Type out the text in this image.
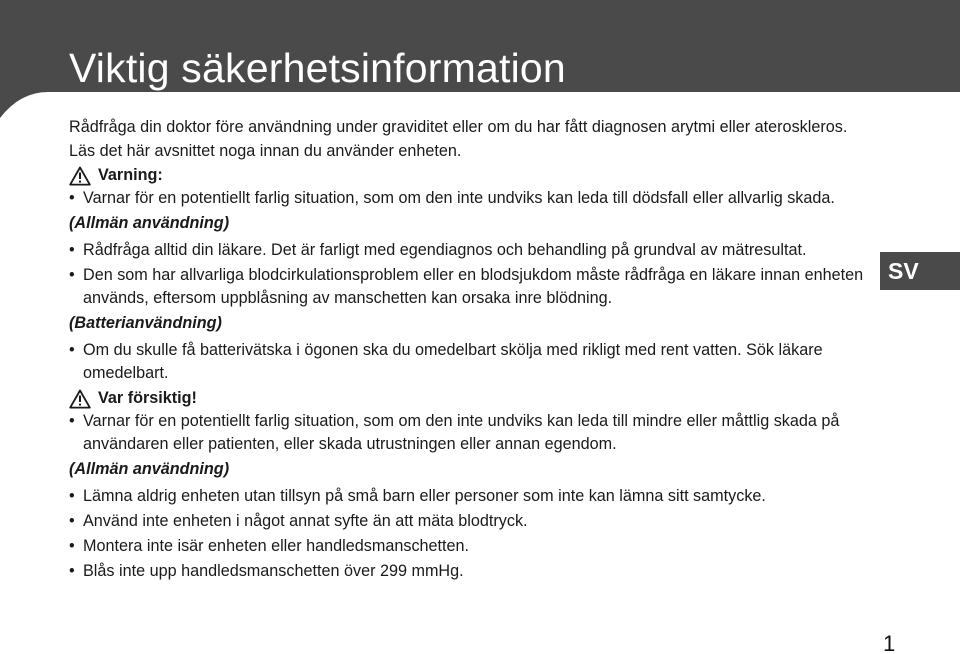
Viktig säkerhetsinformation
SV

Rådfråga din doktor före användning under graviditet eller om du har fått diagnosen arytmi eller ateroskleros.

Läs det här avsnittet noga innan du använder enheten.

Varning:
• Varnar för en potentiellt farlig situation, som om den inte undviks kan leda till dödsfall eller allvarlig skada.
(Allmän användning)
• Rådfråga alltid din läkare. Det är farligt med egendiagnos och behandling på grundval av mätresultat.
• Den som har allvarliga blodcirkulationsproblem eller en blodsjukdom måste rådfråga en läkare innan enheten används, eftersom uppblåsning av manschetten kan orsaka inre blödning.
(Batterianvändning)
• Om du skulle få batterivätska i ögonen ska du omedelbart skölja med rikligt med rent vatten. Sök läkare omedelbart.
Var försiktig!
• Varnar för en potentiellt farlig situation, som om den inte undviks kan leda till mindre eller måttlig skada på användaren eller patienten, eller skada utrustningen eller annan egendom.
(Allmän användning)
• Lämna aldrig enheten utan tillsyn på små barn eller personer som inte kan lämna sitt samtycke.
• Använd inte enheten i något annat syfte än att mäta blodtryck.
• Montera inte isär enheten eller handledsmanschetten.
• Blås inte upp handledsmanschetten över 299 mmHg.
1
